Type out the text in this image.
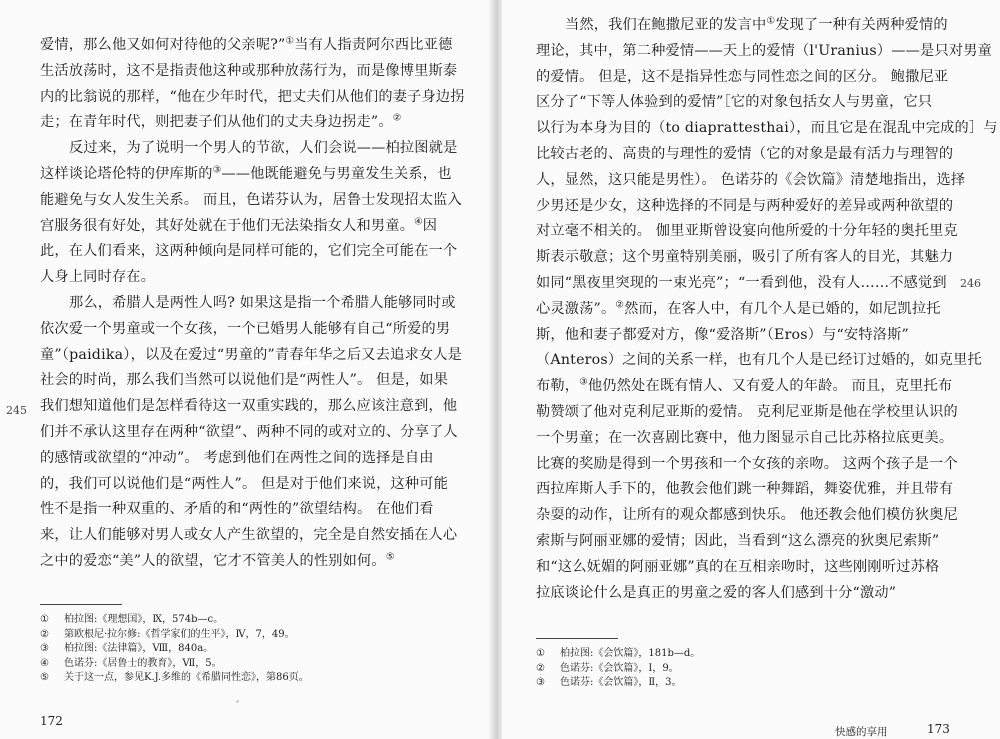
爱情，那么他又如何对待他的父亲呢?”①当有人指责阿尔西比亚德
生活放荡时，这不是指责他这种或那种放荡行为，而是像博里斯泰
内的比翁说的那样，“他在少年时代，把丈夫们从他们的妻子身边拐
走；在青年时代，则把妻子们从他们的丈夫身边拐走”。②
反过来，为了说明一个男人的节欲，人们会说——柏拉图就是
这样谈论塔伦特的伊库斯的③——他既能避免与男童发生关系，也
能避免与女人发生关系。 而且，色诺芬认为，居鲁士发现招太监入
宫服务很有好处，其好处就在于他们无法染指女人和男童。④因
此，在人们看来，这两种倾向是同样可能的，它们完全可能在一个
人身上同时存在。
那么，希腊人是两性人吗? 如果这是指一个希腊人能够同时或
依次爱一个男童或一个女孩，一个已婚男人能够有自己“所爱的男
童”（paidika），以及在爱过“男童的”青春年华之后又去追求女人是
社会的时尚，那么我们当然可以说他们是“两性人”。 但是，如果
我们想知道他们是怎样看待这一双重实践的，那么应该注意到，他
们并不承认这里存在两种“欲望”、两种不同的或对立的、分享了人
的感情或欲望的“冲动”。 考虑到他们在两性之间的选择是自由
的，我们可以说他们是“两性人”。 但是对于他们来说，这种可能
性不是指一种双重的、矛盾的和“两性的”欲望结构。 在他们看
来，让人们能够对男人或女人产生欲望的，完全是自然安插在人心
之中的爱恋“美”人的欲望，它才不管美人的性别如何。⑤
245
① 柏拉图:《理想国》，Ⅸ，574b—c。
② 第欧根尼·拉尔修:《哲学家们的生平》，Ⅳ，7，49。
③ 柏拉图:《法律篇》，Ⅷ，840a。
④ 色诺芬:《居鲁士的教育》，Ⅶ，5。
⑤ 关于这一点，参见K.J.多维的《希腊同性恋》，第86页。
172
当然，我们在鲍撒尼亚的发言中①发现了一种有关两种爱情的
理论，其中，第二种爱情——天上的爱情（l'Uranius）——是只对男童
的爱情。 但是，这不是指异性恋与同性恋之间的区分。 鲍撒尼亚
区分了“下等人体验到的爱情”［它的对象包括女人与男童，它只
以行为本身为目的（to diaprattesthai），而且它是在混乱中完成的］与
比较古老的、高贵的与理性的爱情（它的对象是最有活力与理智的
人，显然，这只能是男性）。 色诺芬的《会饮篇》清楚地指出，选择
少男还是少女，这种选择的不同是与两种爱好的差异或两种欲望的
对立毫不相关的。 伽里亚斯曾设宴向他所爱的十分年轻的奥托里克
斯表示敬意；这个男童特别美丽，吸引了所有客人的目光，其魅力
如同“黑夜里突现的一束光亮”；“一看到他，没有人……不感觉到
心灵激荡”。②然而，在客人中，有几个人是已婚的，如尼凯拉托
斯，他和妻子都爱对方，像“爱洛斯”（Eros）与“安特洛斯”
（Anteros）之间的关系一样，也有几个人是已经订过婚的，如克里托
布勒，③他仍然处在既有情人、又有爱人的年龄。 而且，克里托布
勒赞颂了他对克利尼亚斯的爱情。 克利尼亚斯是他在学校里认识的
一个男童；在一次喜剧比赛中，他力图显示自己比苏格拉底更美。
比赛的奖励是得到一个男孩和一个女孩的亲吻。 这两个孩子是一个
西拉库斯人手下的，他教会他们跳一种舞蹈，舞姿优雅，并且带有
杂耍的动作，让所有的观众都感到快乐。 他还教会他们模仿狄奥尼
索斯与阿丽亚娜的爱情；因此，当看到“这么漂亮的狄奥尼索斯”
和“这么妩媚的阿丽亚娜”真的在互相亲吻时，这些刚刚听过苏格
拉底谈论什么是真正的男童之爱的客人们感到十分“激动”
246
① 柏拉图:《会饮篇》，181b—d。
② 色诺芬:《会饮篇》，Ⅰ，9。
③ 色诺芬:《会饮篇》，Ⅱ，3。
快感的享用	173
